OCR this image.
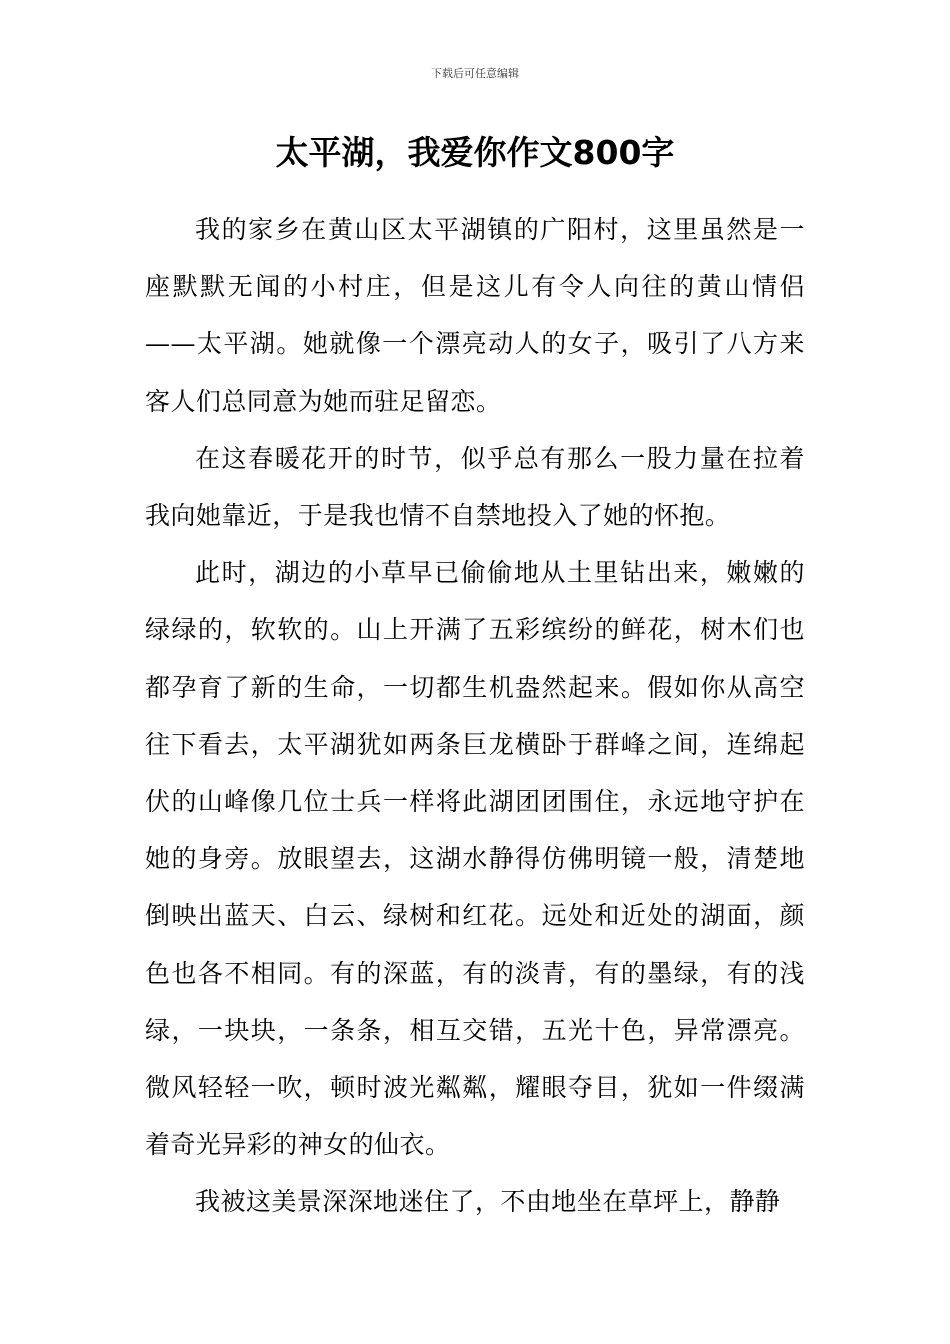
下载后可任意编辑
太平湖，我爱你作文800字

我的家乡在黄山区太平湖镇的广阳村，这里虽然是一座默默无闻的小村庄，但是这儿有令人向往的黄山情侣——太平湖。她就像一个漂亮动人的女子，吸引了八方来客人们总同意为她而驻足留恋。

在这春暖花开的时节，似乎总有那么一股力量在拉着我向她靠近，于是我也情不自禁地投入了她的怀抱。

此时，湖边的小草早已偷偷地从土里钻出来，嫩嫩的绿绿的，软软的。山上开满了五彩缤纷的鲜花，树木们也都孕育了新的生命，一切都生机盎然起来。假如你从高空往下看去，太平湖犹如两条巨龙横卧于群峰之间，连绵起伏的山峰像几位士兵一样将此湖团团围住，永远地守护在她的身旁。放眼望去，这湖水静得仿佛明镜一般，清楚地倒映出蓝天、白云、绿树和红花。远处和近处的湖面，颜色也各不相同。有的深蓝，有的淡青，有的墨绿，有的浅绿，一块块，一条条，相互交错，五光十色，异常漂亮。微风轻轻一吹，顿时波光粼粼，耀眼夺目，犹如一件缀满着奇光异彩的神女的仙衣。

我被这美景深深地迷住了，不由地坐在草坪上，静静
